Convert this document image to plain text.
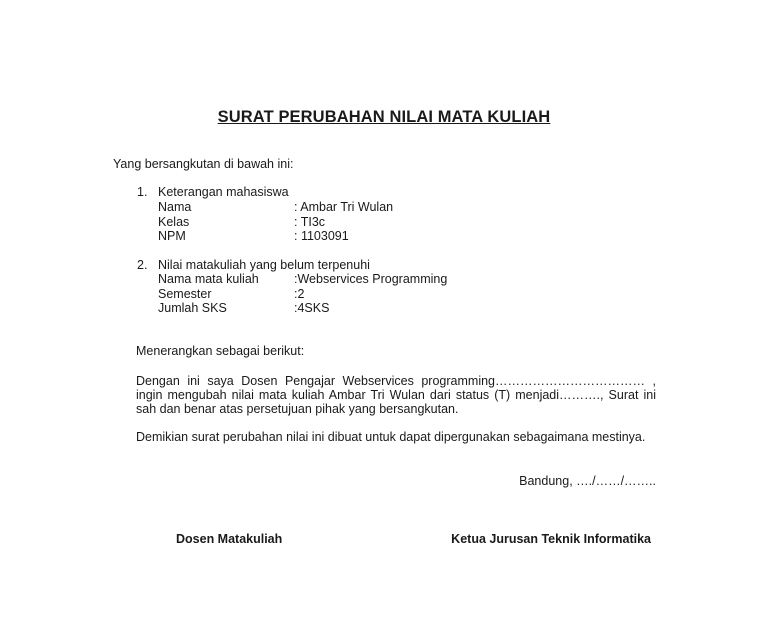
SURAT PERUBAHAN NILAI MATA KULIAH
Yang bersangkutan di bawah ini:
1. Keterangan mahasiswa
Nama	: Ambar Tri Wulan
Kelas	: TI3c
NPM	: 1103091
2. Nilai matakuliah yang belum terpenuhi
Nama mata kuliah	:Webservices Programming
Semester	:2
Jumlah SKS	:4SKS
Menerangkan sebagai berikut:
Dengan ini saya Dosen Pengajar Webservices programming……………………………… ,
ingin mengubah nilai mata kuliah Ambar Tri Wulan dari status (T) menjadi………., Surat ini
sah dan benar atas persetujuan pihak yang bersangkutan.
Demikian surat perubahan nilai ini dibuat untuk dapat dipergunakan sebagaimana mestinya.
Bandung, …./……/……..
Dosen Matakuliah	Ketua Jurusan Teknik Informatika
